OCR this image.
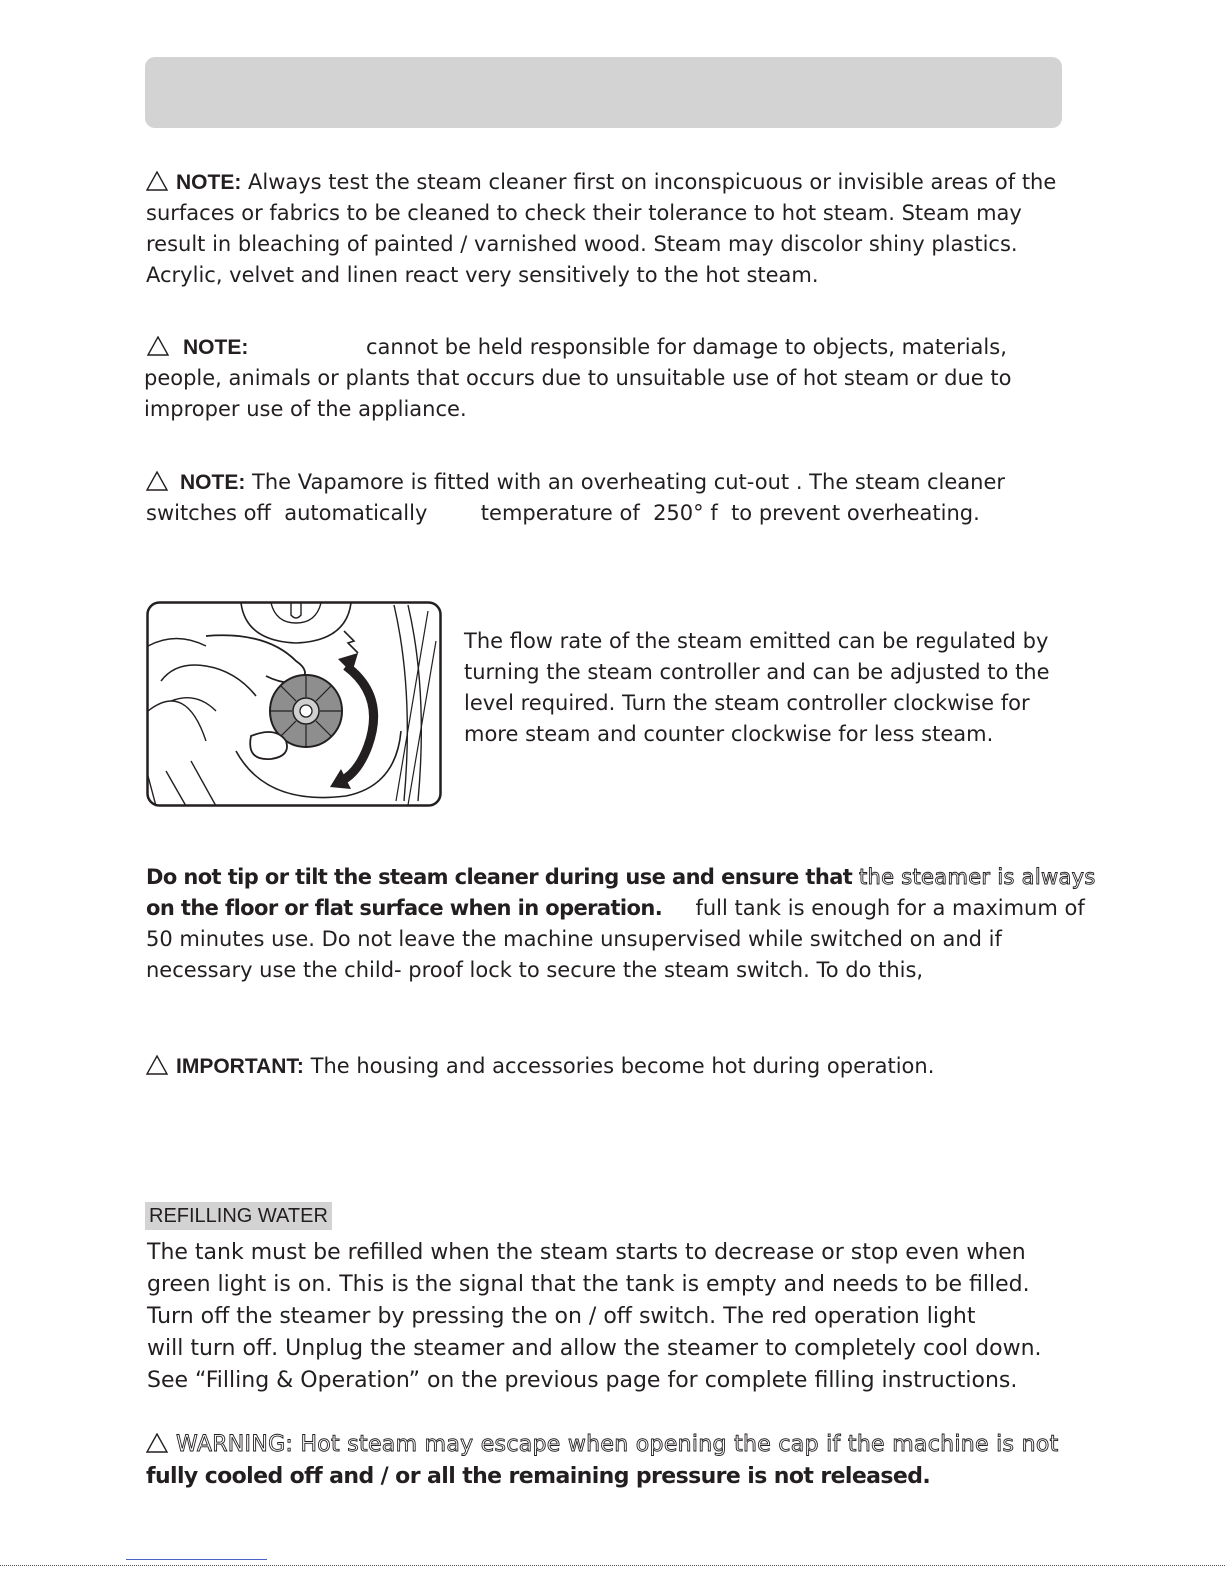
NOTE: Always test the steam cleaner first on inconspicuous or invisible areas of the
surfaces or fabrics to be cleaned to check their tolerance to hot steam. Steam may
result in bleaching of painted / varnished wood. Steam may discolor shiny plastics.
Acrylic, velvet and linen react very sensitively to the hot steam.
NOTE:	cannot be held responsible for damage to objects, materials,
people, animals or plants that occurs due to unsuitable use of hot steam or due to
improper use of the appliance.
NOTE: The Vapamore is fitted with an overheating cut-out . The steam cleaner
switches off  automatically        temperature of  250° f  to prevent overheating.
The flow rate of the steam emitted can be regulated by
turning the steam controller and can be adjusted to the
level required. Turn the steam controller clockwise for
more steam and counter clockwise for less steam.
Do not tip or tilt the steam cleaner during use and ensure that the steamer is always
on the floor or flat surface when in operation.     full tank is enough for a maximum of
50 minutes use. Do not leave the machine unsupervised while switched on and if
necessary use the child- proof lock to secure the steam switch. To do this,
IMPORTANT: The housing and accessories become hot during operation.
REFILLING WATER
The tank must be refilled when the steam starts to decrease or stop even when
green light is on. This is the signal that the tank is empty and needs to be filled.
Turn off the steamer by pressing the on / off switch. The red operation light
will turn off. Unplug the steamer and allow the steamer to completely cool down.
See “Filling & Operation” on the previous page for complete filling instructions.
WARNING: Hot steam may escape when opening the cap if the machine is not
fully cooled off and / or all the remaining pressure is not released.
